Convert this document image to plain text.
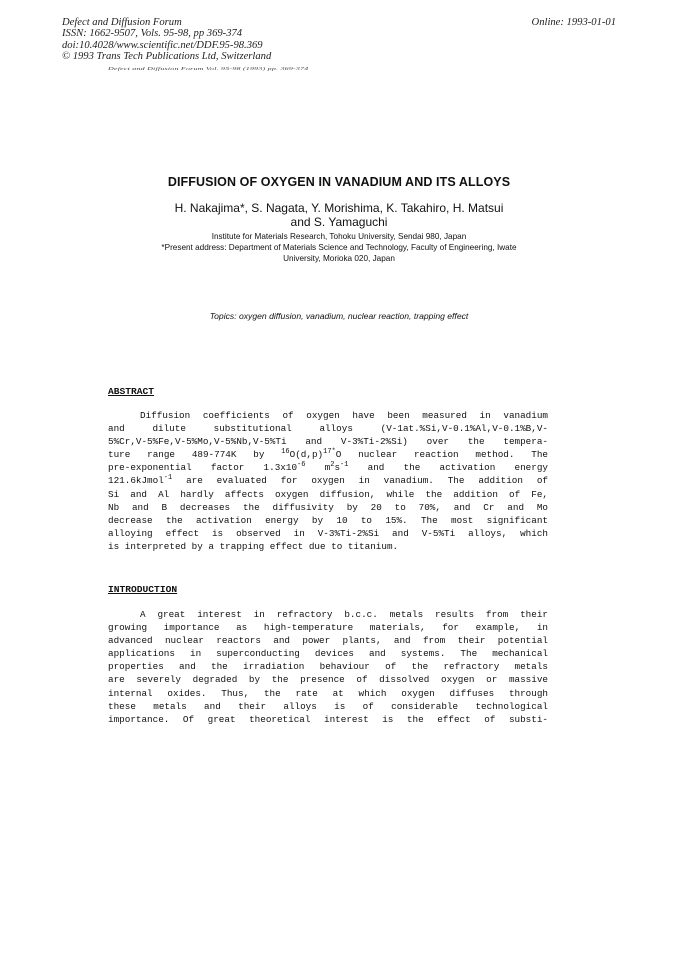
Defect and Diffusion Forum
ISSN: 1662-9507, Vols. 95-98, pp 369-374
doi:10.4028/www.scientific.net/DDF.95-98.369
© 1993 Trans Tech Publications Ltd, Switzerland
Online: 1993-01-01
Defect and Diffusion Forum Vol. 95-98 (1993) pp. 369-374
DIFFUSION OF OXYGEN IN VANADIUM AND ITS ALLOYS
H. Nakajima*, S. Nagata, Y. Morishima, K. Takahiro, H. Matsui
and S. Yamaguchi
Institute for Materials Research, Tohoku University, Sendai 980, Japan
*Present address: Department of Materials Science and Technology, Faculty of Engineering, Iwate
University, Morioka 020, Japan
Topics: oxygen diffusion, vanadium, nuclear reaction, trapping effect
ABSTRACT
Diffusion coefficients of oxygen have been measured in vanadium
and dilute substitutional alloys (V-1at.%Si,V-0.1%Al,V-0.1%B,V-
5%Cr,V-5%Fe,V-5%Mo,V-5%Nb,V-5%Ti and V-3%Ti-2%Si) over the tempera-
ture range 489-774K by $^{16}O(d,p)^{17*}O$ nuclear reaction method. The
pre-exponential factor $1.3x10^{-6}$ $m^2s^{-1}$ and the activation energy
121.6kJmol$^{-1}$ are evaluated for oxygen in vanadium. The addition of
Si and Al hardly affects oxygen diffusion, while the addition of Fe,
Nb and B decreases the diffusivity by 20 to 70%, and Cr and Mo
decrease the activation energy by 10 to 15%. The most significant
alloying effect is observed in V-3%Ti-2%Si and V-5%Ti alloys, which
is interpreted by a trapping effect due to titanium.
INTRODUCTION
A great interest in refractory b.c.c. metals results from their
growing importance as high-temperature materials, for example, in
advanced nuclear reactors and power plants, and from their potential
applications in superconducting devices and systems. The mechanical
properties and the irradiation behaviour of the refractory metals
are severely degraded by the presence of dissolved oxygen or massive
internal oxides. Thus, the rate at which oxygen diffuses through
these metals and their alloys is of considerable technological
importance. Of great theoretical interest is the effect of substi-
